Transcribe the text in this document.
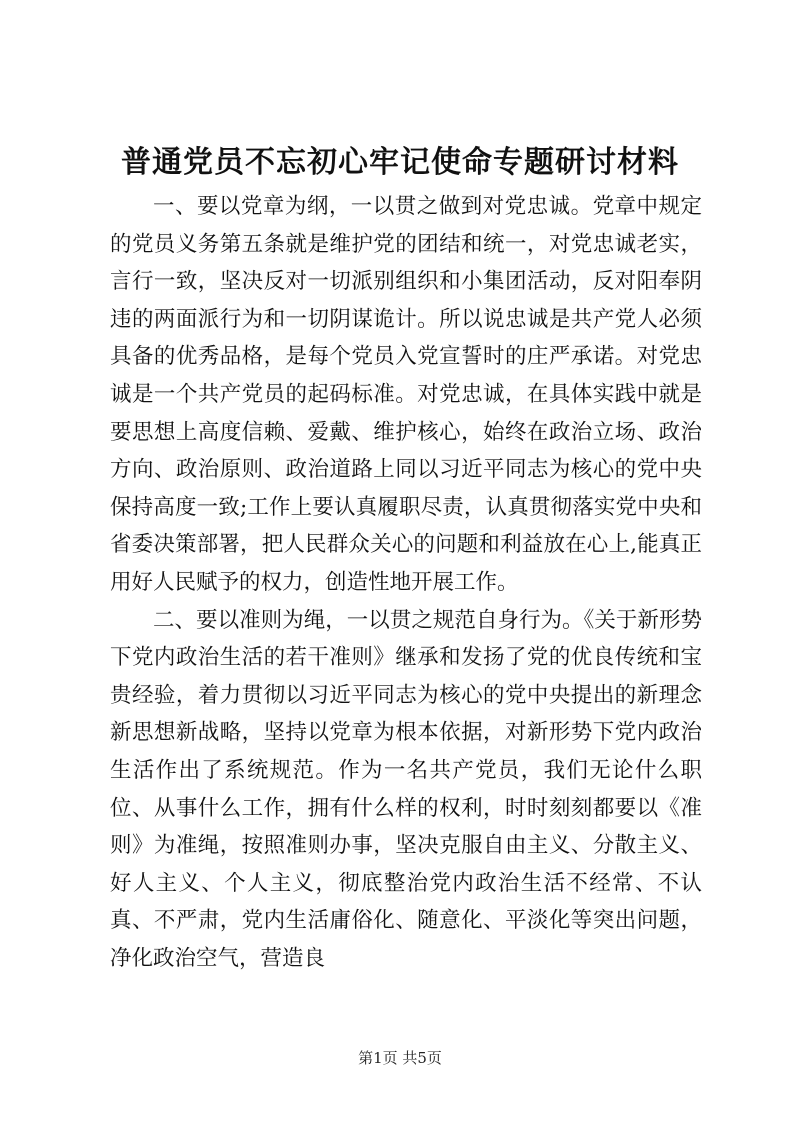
普通党员不忘初心牢记使命专题研讨材料

一、要以党章为纲，一以贯之做到对党忠诚。党章中规定的党员义务第五条就是维护党的团结和统一，对党忠诚老实，言行一致，坚决反对一切派别组织和小集团活动，反对阳奉阴违的两面派行为和一切阴谋诡计。所以说忠诚是共产党人必须具备的优秀品格，是每个党员入党宣誓时的庄严承诺。对党忠诚是一个共产党员的起码标准。对党忠诚，在具体实践中就是要思想上高度信赖、爱戴、维护核心，始终在政治立场、政治方向、政治原则、政治道路上同以习近平同志为核心的党中央保持高度一致;工作上要认真履职尽责，认真贯彻落实党中央和省委决策部署，把人民群众关心的问题和利益放在心上,能真正用好人民赋予的权力，创造性地开展工作。

二、要以准则为绳，一以贯之规范自身行为。《关于新形势下党内政治生活的若干准则》继承和发扬了党的优良传统和宝贵经验，着力贯彻以习近平同志为核心的党中央提出的新理念新思想新战略，坚持以党章为根本依据，对新形势下党内政治生活作出了系统规范。作为一名共产党员，我们无论什么职位、从事什么工作，拥有什么样的权利，时时刻刻都要以《准则》为准绳，按照准则办事，坚决克服自由主义、分散主义、好人主义、个人主义，彻底整治党内政治生活不经常、不认真、不严肃，党内生活庸俗化、随意化、平淡化等突出问题，净化政治空气，营造良

第1页 共5页
